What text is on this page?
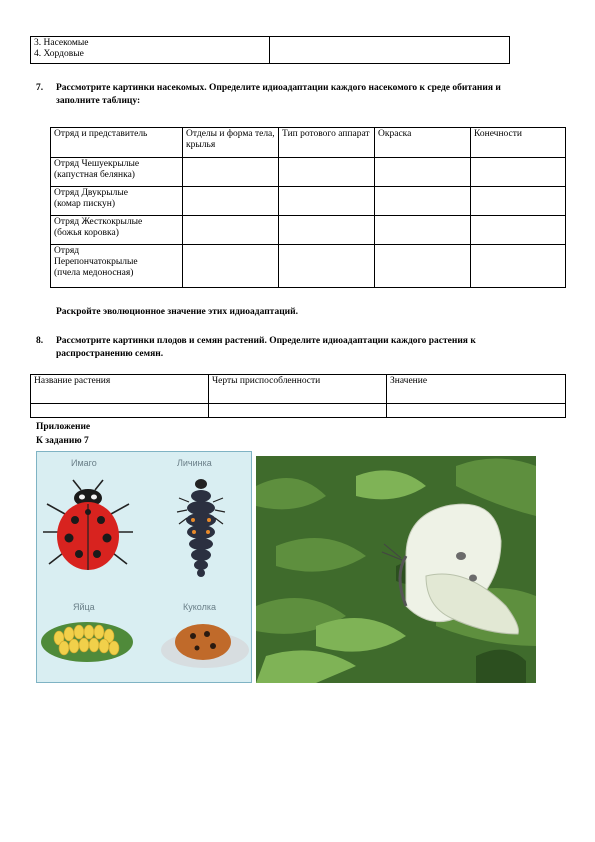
3. Насекомые
4. Хордовые

7. Рассмотрите картинки насекомых. Определите идиоадаптации каждого насекомого к среде обитания и заполните таблицу:
Отряд и представитель	Отделы и форма тела, крылья	Тип ротового аппарат	Окраска	Конечности

Отряд Чешуекрылые
(капустная белянка)				

Отряд Двукрылые
(комар пискун)				

Отряд Жесткокрылые
(божья коровка)				

Отряд
Перепончатокрылые
(пчела медоносная)				

Раскройте эволюционное значение этих идиоадаптаций.
8. Рассмотрите картинки плодов и семян растений. Определите идиоадаптации каждого растения к распространению семян.
Название растения	Черты приспособленности	Значение

Приложение
К заданию 7
Имаго	Личинка
Яйца	Куколка
